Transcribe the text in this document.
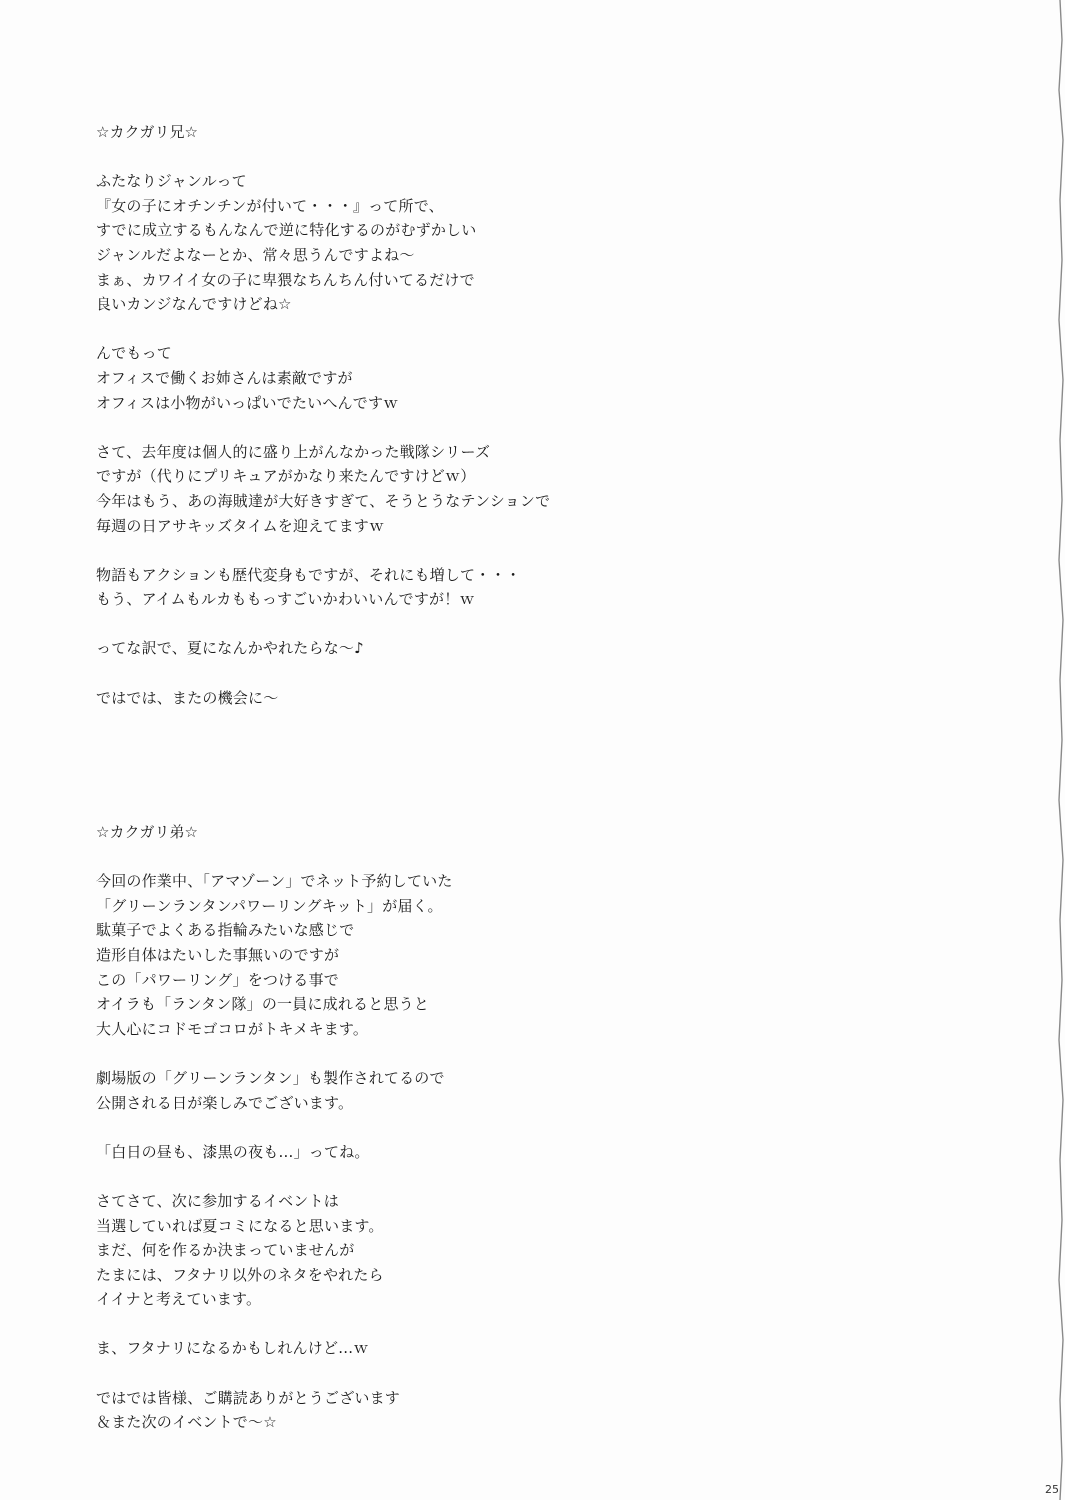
☆カクガリ兄☆
ふたなりジャンルって
『女の子にオチンチンが付いて・・・』って所で、
すでに成立するもんなんで逆に特化するのがむずかしい
ジャンルだよなーとか、常々思うんですよね～
まぁ、カワイイ女の子に卑猥なちんちん付いてるだけで
良いカンジなんですけどね☆
んでもって
オフィスで働くお姉さんは素敵ですが
オフィスは小物がいっぱいでたいへんですｗ
さて、去年度は個人的に盛り上がんなかった戦隊シリーズ
ですが（代りにプリキュアがかなり来たんですけどｗ）
今年はもう、あの海賊達が大好きすぎて、そうとうなテンションで
毎週の日アサキッズタイムを迎えてますｗ
物語もアクションも歴代変身もですが、それにも増して・・・
もう、アイムもルカももっすごいかわいいんですが！ｗ
ってな訳で、夏になんかやれたらな～♪
ではでは、またの機会に～
☆カクガリ弟☆
今回の作業中、「アマゾーン」でネット予約していた
「グリーンランタンパワーリングキット」が届く。
駄菓子でよくある指輪みたいな感じで
造形自体はたいした事無いのですが
この「パワーリング」をつける事で
オイラも「ランタン隊」の一員に成れると思うと
大人心にコドモゴコロがトキメキます。
劇場版の「グリーンランタン」も製作されてるので
公開される日が楽しみでございます。
「白日の昼も、漆黒の夜も…」ってね。
さてさて、次に参加するイベントは
当選していれば夏コミになると思います。
まだ、何を作るか決まっていませんが
たまには、フタナリ以外のネタをやれたら
イイナと考えています。
ま、フタナリになるかもしれんけど…ｗ
ではでは皆様、ご購読ありがとうございます
＆また次のイベントで～☆
25
